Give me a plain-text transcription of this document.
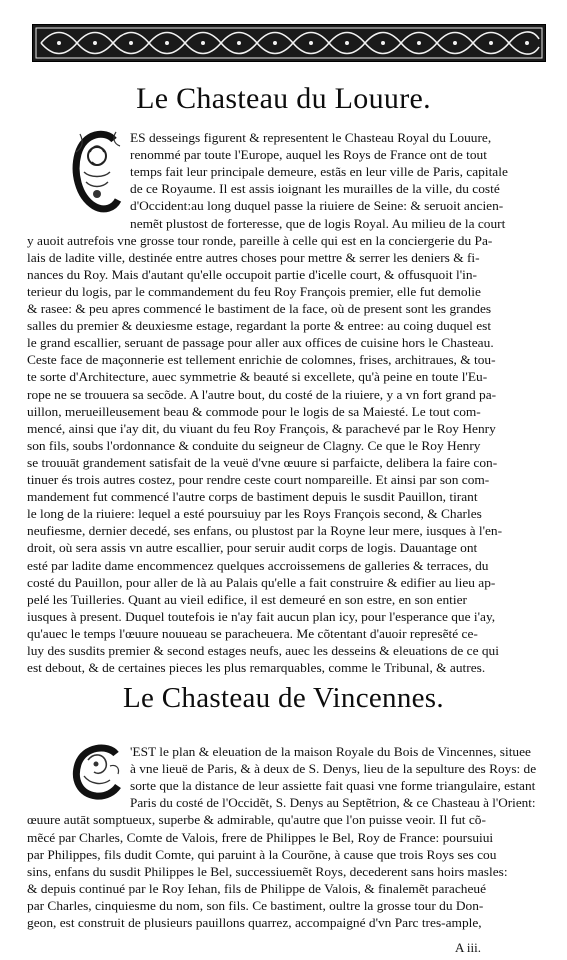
Le Chasteau du Louure.
ES desseings figurent & representent le Chasteau Royal du Louure,
renommé par toute l'Europe, auquel les Roys de France ont de tout
temps fait leur principale demeure, estãs en leur ville de Paris, capitale
de ce Royaume. Il est assis ioignant les murailles de la ville, du costé
d'Occident:au long duquel passe la riuiere de Seine: & seruoit ancien-
nemẽt plustost de forteresse, que de logis Royal. Au milieu de la court
y auoit autrefois vne grosse tour ronde, pareille à celle qui est en la conciergerie du Pa-
lais de ladite ville, destinée entre autres choses pour mettre & serrer les deniers & fi-
nances du Roy. Mais d'autant qu'elle occupoit partie d'icelle court, & offusquoit l'in-
terieur du logis, par le commandement du feu Roy François premier, elle fut demolie
& rasee: & peu apres commencé le bastiment de la face, où de present sont les grandes
salles du premier & deuxiesme estage, regardant la porte & entree: au coing duquel est
le grand escallier, seruant de passage pour aller aux offices de cuisine hors le Chasteau.
Ceste face de maçonnerie est tellement enrichie de colomnes, frises, architraues, & tou-
te sorte d'Architecture, auec symmetrie & beauté si excellete, qu'à peine en toute l'Eu-
rope ne se trouuera sa secõde. A l'autre bout, du costé de la riuiere, y a vn fort grand pa-
uillon, merueilleusement beau & commode pour le logis de sa Maiesté. Le tout com-
mencé, ainsi que i'ay dit, du viuant du feu Roy François, & parachevé par le Roy Henry
son fils, soubs l'ordonnance & conduite du seigneur de Clagny. Ce que le Roy Henry
se trouuāt grandement satisfait de la veuë d'vne œuure si parfaicte, delibera la faire con-
tinuer és trois autres costez, pour rendre ceste court nompareille. Et ainsi par son com-
mandement fut commencé l'autre corps de bastiment depuis le susdit Pauillon, tirant
le long de la riuiere: lequel a esté poursuiuy par les Roys François second, & Charles
neufiesme, dernier decedé, ses enfans, ou plustost par la Royne leur mere, iusques à l'en-
droit, où sera assis vn autre escallier, pour seruir audit corps de logis. Dauantage ont
esté par ladite dame encommencez quelques accroissemens de galleries & terraces, du
costé du Pauillon, pour aller de là au Palais qu'elle a fait construire & edifier au lieu ap-
pelé les Tuilleries. Quant au vieil edifice, il est demeuré en son estre, en son entier
iusques à present. Duquel toutefois ie n'ay fait aucun plan icy, pour l'esperance que i'ay,
qu'auec le temps l'œuure nouueau se paracheuera. Me cõtentant d'auoir represẽté ce-
luy des susdits premier & second estages neufs, auec les desseins & eleuations de ce qui
est debout, & de certaines pieces les plus remarquables, comme le Tribunal, & autres.
Le Chasteau de Vincennes.
'EST le plan & eleuation de la maison Royale du Bois de Vincennes, situee
à vne lieuë de Paris, & à deux de S. Denys, lieu de la sepulture des Roys: de
sorte que la distance de leur assiette fait quasi vne forme triangulaire, estant
Paris du costé de l'Occidẽt, S. Denys au Septẽtrion, & ce Chasteau à l'Orient:
œuure autāt somptueux, superbe & admirable, qu'autre que l'on puisse veoir. Il fut cõ-
mẽcé par Charles, Comte de Valois, frere de Philippes le Bel, Roy de France: poursuiui
par Philippes, fils dudit Comte, qui paruint à la Courõne, à cause que trois Roys ses cou
sins, enfans du susdit Philippes le Bel, successiuemẽt Roys, decederent sans hoirs masles:
& depuis continué par le Roy Iehan, fils de Philippe de Valois, & finalemẽt paracheué
par Charles, cinquiesme du nom, son fils. Ce bastiment, oultre la grosse tour du Don-
geon, est construit de plusieurs pauillons quarrez, accompaigné d'vn Parc tres-ample,
A iii.
